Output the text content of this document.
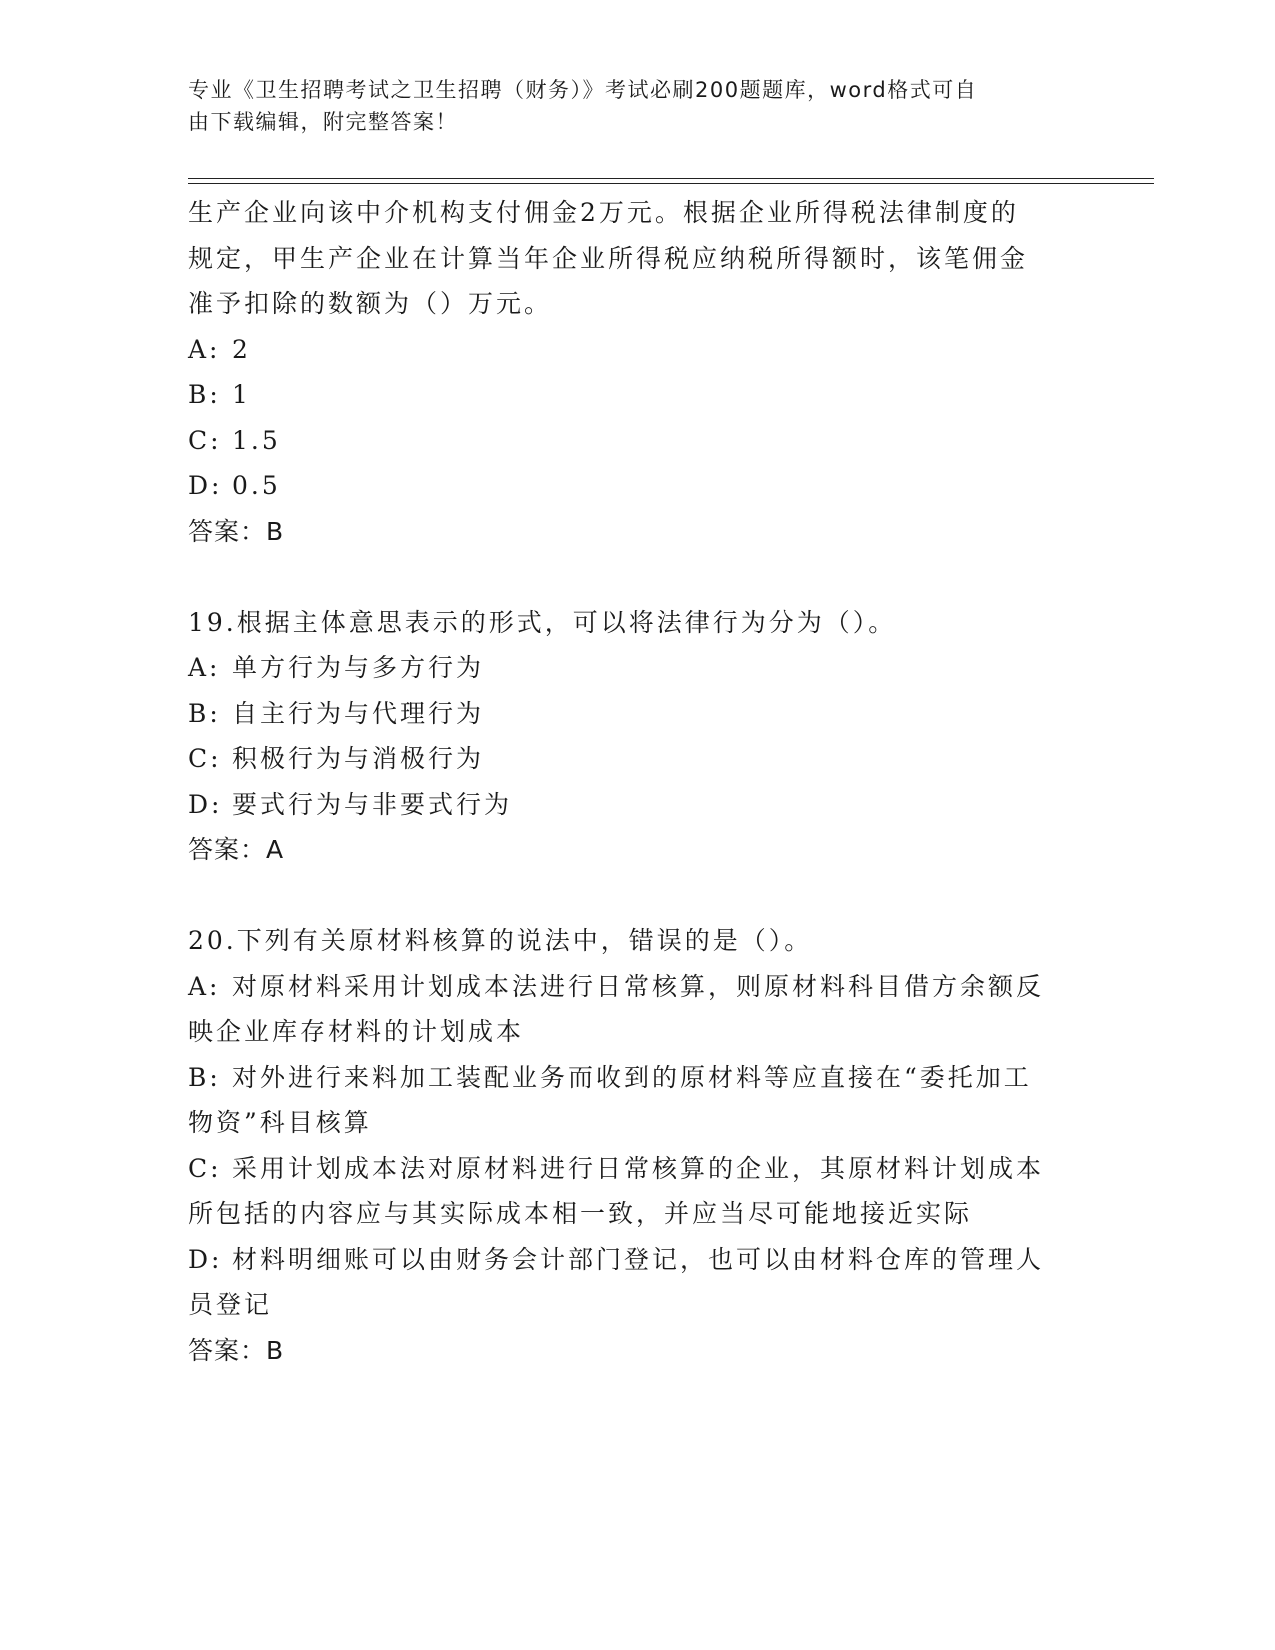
专业《卫生招聘考试之卫生招聘（财务）》考试必刷200题题库，word格式可自
由下载编辑，附完整答案！
生产企业向该中介机构支付佣金2万元。根据企业所得税法律制度的
规定，甲生产企业在计算当年企业所得税应纳税所得额时，该笔佣金
准予扣除的数额为（）万元。
A: 2
B: 1
C: 1.5
D: 0.5
答案：B
19.根据主体意思表示的形式，可以将法律行为分为（）。
A: 单方行为与多方行为
B: 自主行为与代理行为
C: 积极行为与消极行为
D: 要式行为与非要式行为
答案：A
20.下列有关原材料核算的说法中，错误的是（）。
A: 对原材料采用计划成本法进行日常核算，则原材料科目借方余额反
映企业库存材料的计划成本
B: 对外进行来料加工装配业务而收到的原材料等应直接在“委托加工
物资”科目核算
C: 采用计划成本法对原材料进行日常核算的企业，其原材料计划成本
所包括的内容应与其实际成本相一致，并应当尽可能地接近实际
D: 材料明细账可以由财务会计部门登记，也可以由材料仓库的管理人
员登记
答案：B
